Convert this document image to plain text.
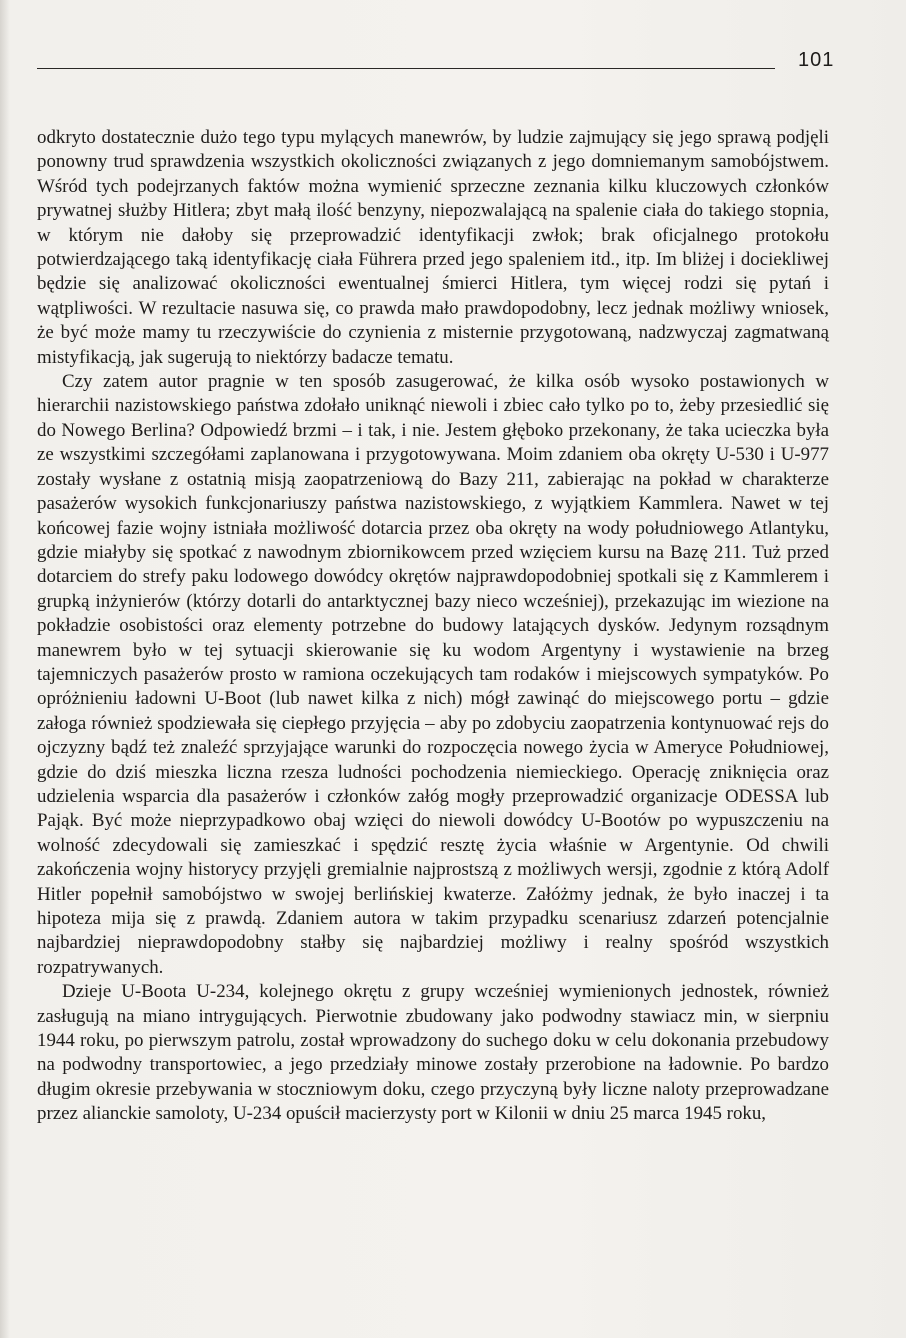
101

odkryto dostatecznie dużo tego typu mylących manewrów, by ludzie zajmujący się jego sprawą podjęli ponowny trud sprawdzenia wszystkich okoliczności związanych z jego domniemanym samobójstwem. Wśród tych podejrzanych faktów można wymienić sprzeczne zeznania kilku kluczowych członków prywatnej służby Hitlera; zbyt małą ilość benzyny, niepozwalającą na spalenie ciała do takiego stopnia, w którym nie dałoby się przeprowadzić identyfikacji zwłok; brak oficjalnego protokołu potwierdzającego taką identyfikację ciała Führera przed jego spaleniem itd., itp. Im bliżej i dociekliwej będzie się analizować okoliczności ewentualnej śmierci Hitlera, tym więcej rodzi się pytań i wątpliwości. W rezultacie nasuwa się, co prawda mało prawdopodobny, lecz jednak możliwy wniosek, że być może mamy tu rzeczywiście do czynienia z misternie przygotowaną, nadzwyczaj zagmatwaną mistyfikacją, jak sugerują to niektórzy badacze tematu.

Czy zatem autor pragnie w ten sposób zasugerować, że kilka osób wysoko postawionych w hierarchii nazistowskiego państwa zdołało uniknąć niewoli i zbiec cało tylko po to, żeby przesiedlić się do Nowego Berlina? Odpowiedź brzmi – i tak, i nie. Jestem głęboko przekonany, że taka ucieczka była ze wszystkimi szczegółami zaplanowana i przygotowywana. Moim zdaniem oba okręty U-530 i U-977 zostały wysłane z ostatnią misją zaopatrzeniową do Bazy 211, zabierając na pokład w charakterze pasażerów wysokich funkcjonariuszy państwa nazistowskiego, z wyjątkiem Kammlera. Nawet w tej końcowej fazie wojny istniała możliwość dotarcia przez oba okręty na wody południowego Atlantyku, gdzie miałyby się spotkać z nawodnym zbiornikowcem przed wzięciem kursu na Bazę 211. Tuż przed dotarciem do strefy paku lodowego dowódcy okrętów najprawdopodobniej spotkali się z Kammlerem i grupką inżynierów (którzy dotarli do antarktycznej bazy nieco wcześniej), przekazując im wiezione na pokładzie osobistości oraz elementy potrzebne do budowy latających dysków. Jedynym rozsądnym manewrem było w tej sytuacji skierowanie się ku wodom Argentyny i wystawienie na brzeg tajemniczych pasażerów prosto w ramiona oczekujących tam rodaków i miejscowych sympatyków. Po opróżnieniu ładowni U-Boot (lub nawet kilka z nich) mógł zawinąć do miejscowego portu – gdzie załoga również spodziewała się ciepłego przyjęcia – aby po zdobyciu zaopatrzenia kontynuować rejs do ojczyzny bądź też znaleźć sprzyjające warunki do rozpoczęcia nowego życia w Ameryce Południowej, gdzie do dziś mieszka liczna rzesza ludności pochodzenia niemieckiego. Operację zniknięcia oraz udzielenia wsparcia dla pasażerów i członków załóg mogły przeprowadzić organizacje ODESSA lub Pająk. Być może nieprzypadkowo obaj wzięci do niewoli dowódcy U-Bootów po wypuszczeniu na wolność zdecydowali się zamieszkać i spędzić resztę życia właśnie w Argentynie. Od chwili zakończenia wojny historycy przyjęli gremialnie najprostszą z możliwych wersji, zgodnie z którą Adolf Hitler popełnił samobójstwo w swojej berlińskiej kwaterze. Załóżmy jednak, że było inaczej i ta hipoteza mija się z prawdą. Zdaniem autora w takim przypadku scenariusz zdarzeń potencjalnie najbardziej nieprawdopodobny stałby się najbardziej możliwy i realny spośród wszystkich rozpatrywanych.

Dzieje U-Boota U-234, kolejnego okrętu z grupy wcześniej wymienionych jednostek, również zasługują na miano intrygujących. Pierwotnie zbudowany jako podwodny stawiacz min, w sierpniu 1944 roku, po pierwszym patrolu, został wprowadzony do suchego doku w celu dokonania przebudowy na podwodny transportowiec, a jego przedziały minowe zostały przerobione na ładownie. Po bardzo długim okresie przebywania w stoczniowym doku, czego przyczyną były liczne naloty przeprowadzane przez alianckie samoloty, U-234 opuścił macierzysty port w Kilonii w dniu 25 marca 1945 roku,
